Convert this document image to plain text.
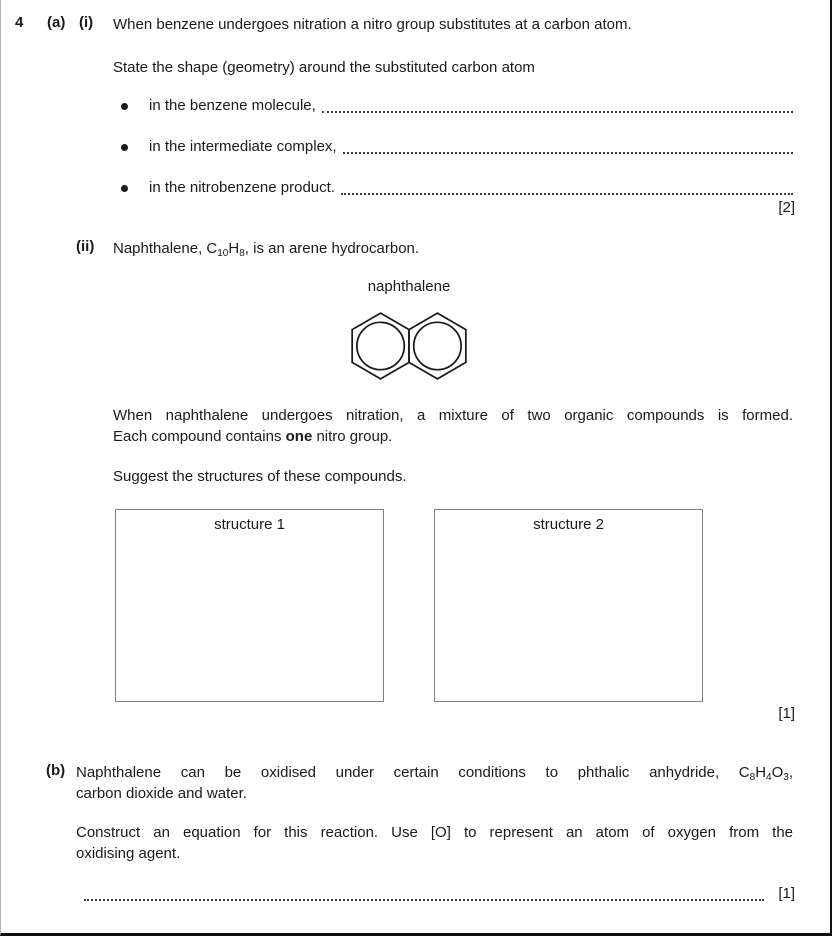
4 (a) (i) When benzene undergoes nitration a nitro group substitutes at a carbon atom.
State the shape (geometry) around the substituted carbon atom
in the benzene molecule,
in the intermediate complex,
in the nitrobenzene product.
[2]
(ii) Naphthalene, $C_{10}H_8$, is an arene hydrocarbon.
naphthalene
When naphthalene undergoes nitration, a mixture of two organic compounds is formed.
Each compound contains one nitro group.
Suggest the structures of these compounds.
structure 1	structure 2
[1]
(b) Naphthalene can be oxidised under certain conditions to phthalic anhydride, $C_8H_4O_3$,
carbon dioxide and water.
Construct an equation for this reaction. Use [O] to represent an atom of oxygen from the
oxidising agent.
[1]
